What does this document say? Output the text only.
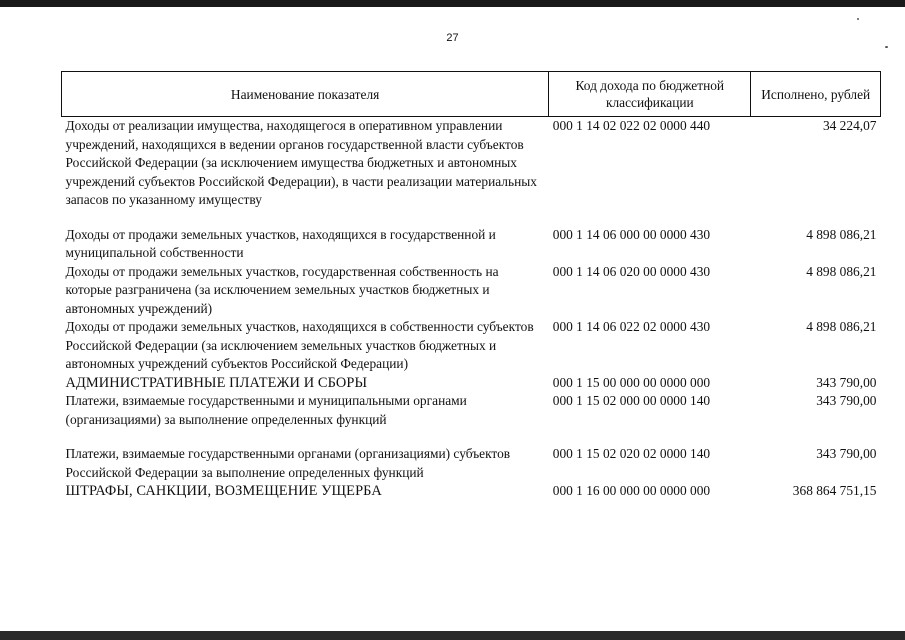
27
Наименование показателя	Код дохода по бюджетной классификации	Исполнено, рублей
Доходы от реализации имущества, находящегося в оперативном управлении учреждений, находящихся в ведении органов государственной власти субъектов Российской Федерации (за исключением имущества бюджетных и автономных учреждений субъектов Российской Федерации), в части реализации материальных запасов по указанному имуществу	000 1 14 02 022 02 0000 440	34 224,07
Доходы от продажи земельных участков, находящихся в государственной и муниципальной собственности	000 1 14 06 000 00 0000 430	4 898 086,21
Доходы от продажи земельных участков, государственная собственность на которые разграничена (за исключением земельных участков бюджетных и автономных учреждений)	000 1 14 06 020 00 0000 430	4 898 086,21
Доходы от продажи земельных участков, находящихся в собственности субъектов Российской Федерации (за исключением земельных участков бюджетных и автономных учреждений субъектов Российской Федерации)	000 1 14 06 022 02 0000 430	4 898 086,21
АДМИНИСТРАТИВНЫЕ ПЛАТЕЖИ И СБОРЫ	000 1 15 00 000 00 0000 000	343 790,00
Платежи, взимаемые государственными и муниципальными органами (организациями) за выполнение определенных функций	000 1 15 02 000 00 0000 140	343 790,00
Платежи, взимаемые государственными органами (организациями) субъектов Российской Федерации за выполнение определенных функций	000 1 15 02 020 02 0000 140	343 790,00
ШТРАФЫ, САНКЦИИ, ВОЗМЕЩЕНИЕ УЩЕРБА	000 1 16 00 000 00 0000 000	368 864 751,15
